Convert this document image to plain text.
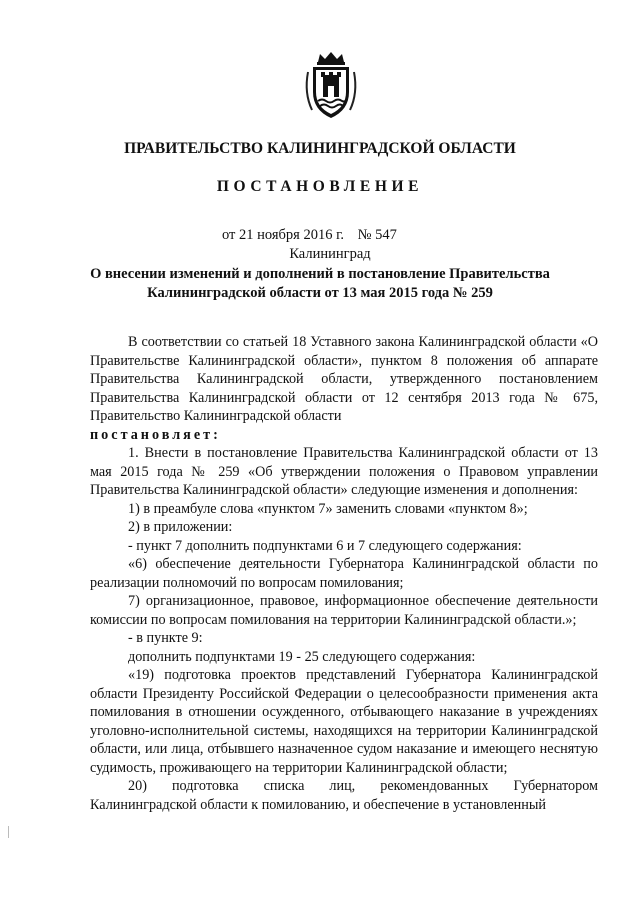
ПРАВИТЕЛЬСТВО КАЛИНИНГРАДСКОЙ ОБЛАСТИ
ПОСТАНОВЛЕНИЕ
от 21 ноября 2016 г. № 547
Калининград
О внесении изменений и дополнений в постановление Правительства
Калининградской области от 13 мая 2015 года № 259

В соответствии со статьей 18 Уставного закона Калининградской области «О Правительстве Калининградской области», пунктом 8 положения об аппарате Правительства Калининградской области, утвержденного постановлением Правительства Калининградской области от 12 сентября 2013 года № 675, Правительство Калининградской области

постановляет:

1. Внести в постановление Правительства Калининградской области от 13 мая 2015 года № 259 «Об утверждении положения о Правовом управлении Правительства Калининградской области» следующие изменения и дополнения:

1) в преамбуле слова «пунктом 7» заменить словами «пунктом 8»;

2) в приложении:

- пункт 7 дополнить подпунктами 6 и 7 следующего содержания:

«6) обеспечение деятельности Губернатора Калининградской области по реализации полномочий по вопросам помилования;

7) организационное, правовое, информационное обеспечение деятельности комиссии по вопросам помилования на территории Калининградской области.»;

- в пункте 9:

дополнить подпунктами 19 - 25 следующего содержания:

«19) подготовка проектов представлений Губернатора Калининградской области Президенту Российской Федерации о целесообразности применения акта помилования в отношении осужденного, отбывающего наказание в учреждениях уголовно-исполнительной системы, находящихся на территории Калининградской области, или лица, отбывшего назначенное судом наказание и имеющего неснятую судимость, проживающего на территории Калининградской области;

20) подготовка списка лиц, рекомендованных Губернатором Калининградской области к помилованию, и обеспечение в установленный
